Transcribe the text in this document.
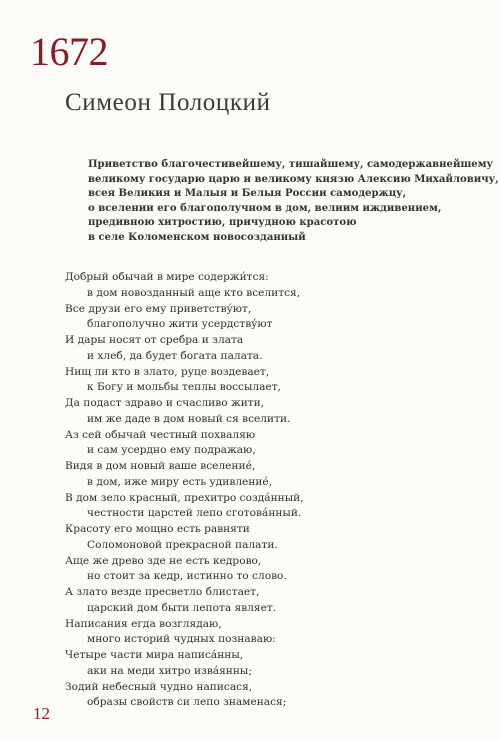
1672
Симеон Полоцкий
Приветство благочестивейшему, тишайшему, самодержавнейшему
великому государю царю и великому князю Алексию Михайловичу,
всея Великия и Малыя и Белыя России самодержцу,
о вселении его благополучном в дом, велиим иждивением,
предивною хитростию, причудною красотою
в селе Коломенском новосозданный
Добрый обычай в мире содержи́тся:
в дом новозданный аще кто вселится,
Все друзи его ему приветству́ют,
благополучно жити усердству́ют
И дары носят от сребра и злата
и хлеб, да будет богата палата.
Нищ ли кто в злато, руце воздевает,
к Богу и мольбы теплы воссылает,
Да подаст здраво и счасливо жити,
им же даде в дом новый ся вселити.
Аз сей обычай честный похваляю
и сам усердно ему подражаю,
Видя в дом новый ваше вселение́,
в дом, иже миру есть удивление́,
В дом зело красный, прехитро созда́нный,
честности царстей лепо сготова́нный.
Красоту его мощно есть равняти
Соломоновой прекрасной палати.
Аще же древо зде не есть кедрово,
но стоит за кедр, истинно то слово.
А злато везде пресветло блистает,
царский дом быти лепота являет.
Написания егда возглядаю,
много историй чудных познаваю:
Четыре части мира написа́нны,
аки на меди хитро изва́янны;
Зодий небесный чудно написася,
образы свойств си лепо знаменася;
12
